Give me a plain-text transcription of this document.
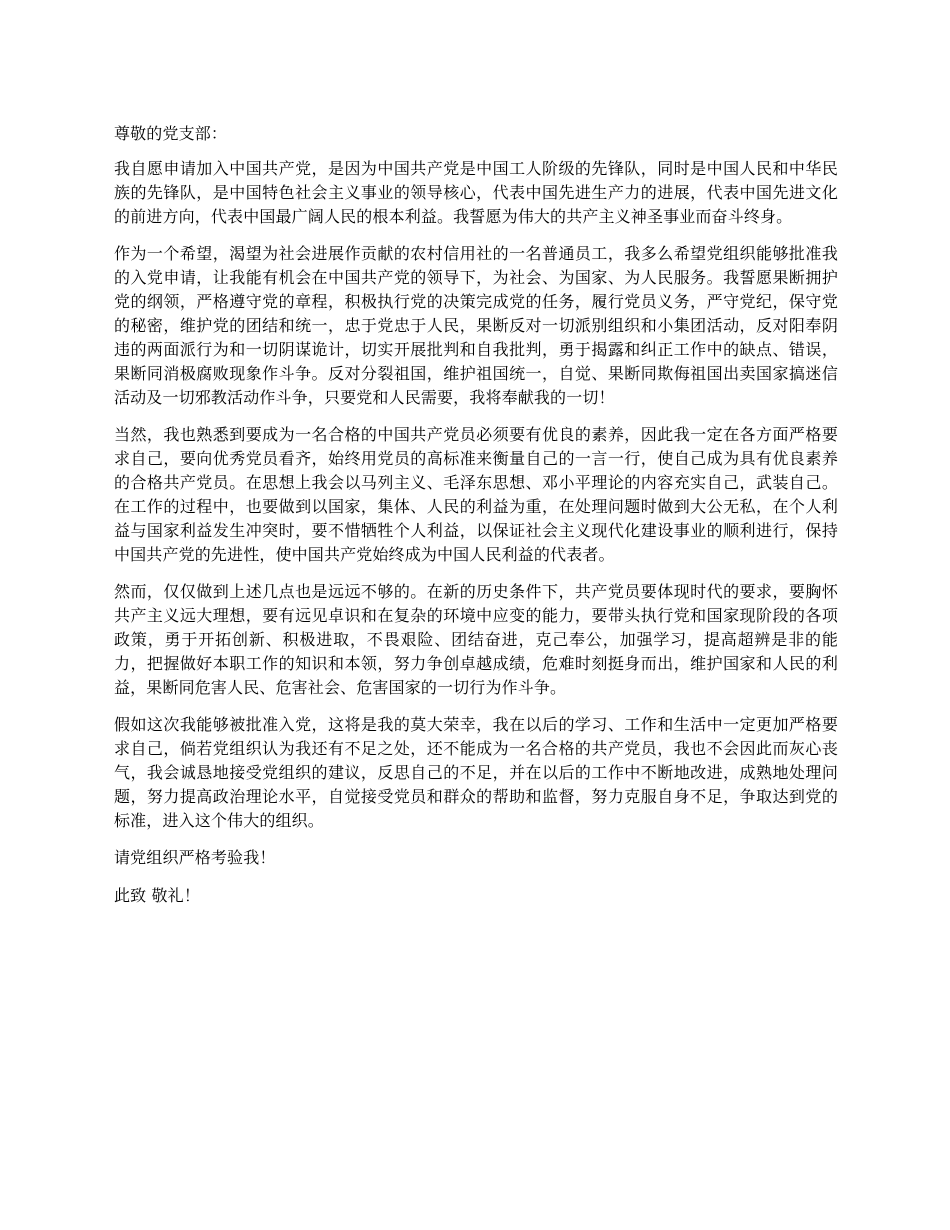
尊敬的党支部：

我自愿申请加入中国共产党，是因为中国共产党是中国工人阶级的先锋队，同时是中国人民和中华民族的先锋队，是中国特色社会主义事业的领导核心，代表中国先进生产力的进展，代表中国先进文化的前进方向，代表中国最广阔人民的根本利益。我誓愿为伟大的共产主义神圣事业而奋斗终身。

作为一个希望，渴望为社会进展作贡献的农村信用社的一名普通员工，我多么希望党组织能够批准我的入党申请，让我能有机会在中国共产党的领导下，为社会、为国家、为人民服务。我誓愿果断拥护党的纲领，严格遵守党的章程，积极执行党的决策完成党的任务，履行党员义务，严守党纪，保守党的秘密，维护党的团结和统一，忠于党忠于人民，果断反对一切派别组织和小集团活动，反对阳奉阴违的两面派行为和一切阴谋诡计，切实开展批判和自我批判，勇于揭露和纠正工作中的缺点、错误，果断同消极腐败现象作斗争。反对分裂祖国，维护祖国统一，自觉、果断同欺侮祖国出卖国家搞迷信活动及一切邪教活动作斗争，只要党和人民需要，我将奉献我的一切！

当然，我也熟悉到要成为一名合格的中国共产党员必须要有优良的素养，因此我一定在各方面严格要求自己，要向优秀党员看齐，始终用党员的高标准来衡量自己的一言一行，使自己成为具有优良素养的合格共产党员。在思想上我会以马列主义、毛泽东思想、邓小平理论的内容充实自己，武装自己。在工作的过程中，也要做到以国家，集体、人民的利益为重，在处理问题时做到大公无私，在个人利益与国家利益发生冲突时，要不惜牺牲个人利益，以保证社会主义现代化建设事业的顺利进行，保持中国共产党的先进性，使中国共产党始终成为中国人民利益的代表者。

然而，仅仅做到上述几点也是远远不够的。在新的历史条件下，共产党员要体现时代的要求，要胸怀共产主义远大理想，要有远见卓识和在复杂的环境中应变的能力，要带头执行党和国家现阶段的各项政策，勇于开拓创新、积极进取，不畏艰险、团结奋进，克己奉公，加强学习，提高超辨是非的能力，把握做好本职工作的知识和本领，努力争创卓越成绩，危难时刻挺身而出，维护国家和人民的利益，果断同危害人民、危害社会、危害国家的一切行为作斗争。

假如这次我能够被批准入党，这将是我的莫大荣幸，我在以后的学习、工作和生活中一定更加严格要求自己，倘若党组织认为我还有不足之处，还不能成为一名合格的共产党员，我也不会因此而灰心丧气，我会诚恳地接受党组织的建议，反思自己的不足，并在以后的工作中不断地改进，成熟地处理问题，努力提高政治理论水平，自觉接受党员和群众的帮助和监督，努力克服自身不足，争取达到党的标准，进入这个伟大的组织。

请党组织严格考验我！

此致 敬礼！
